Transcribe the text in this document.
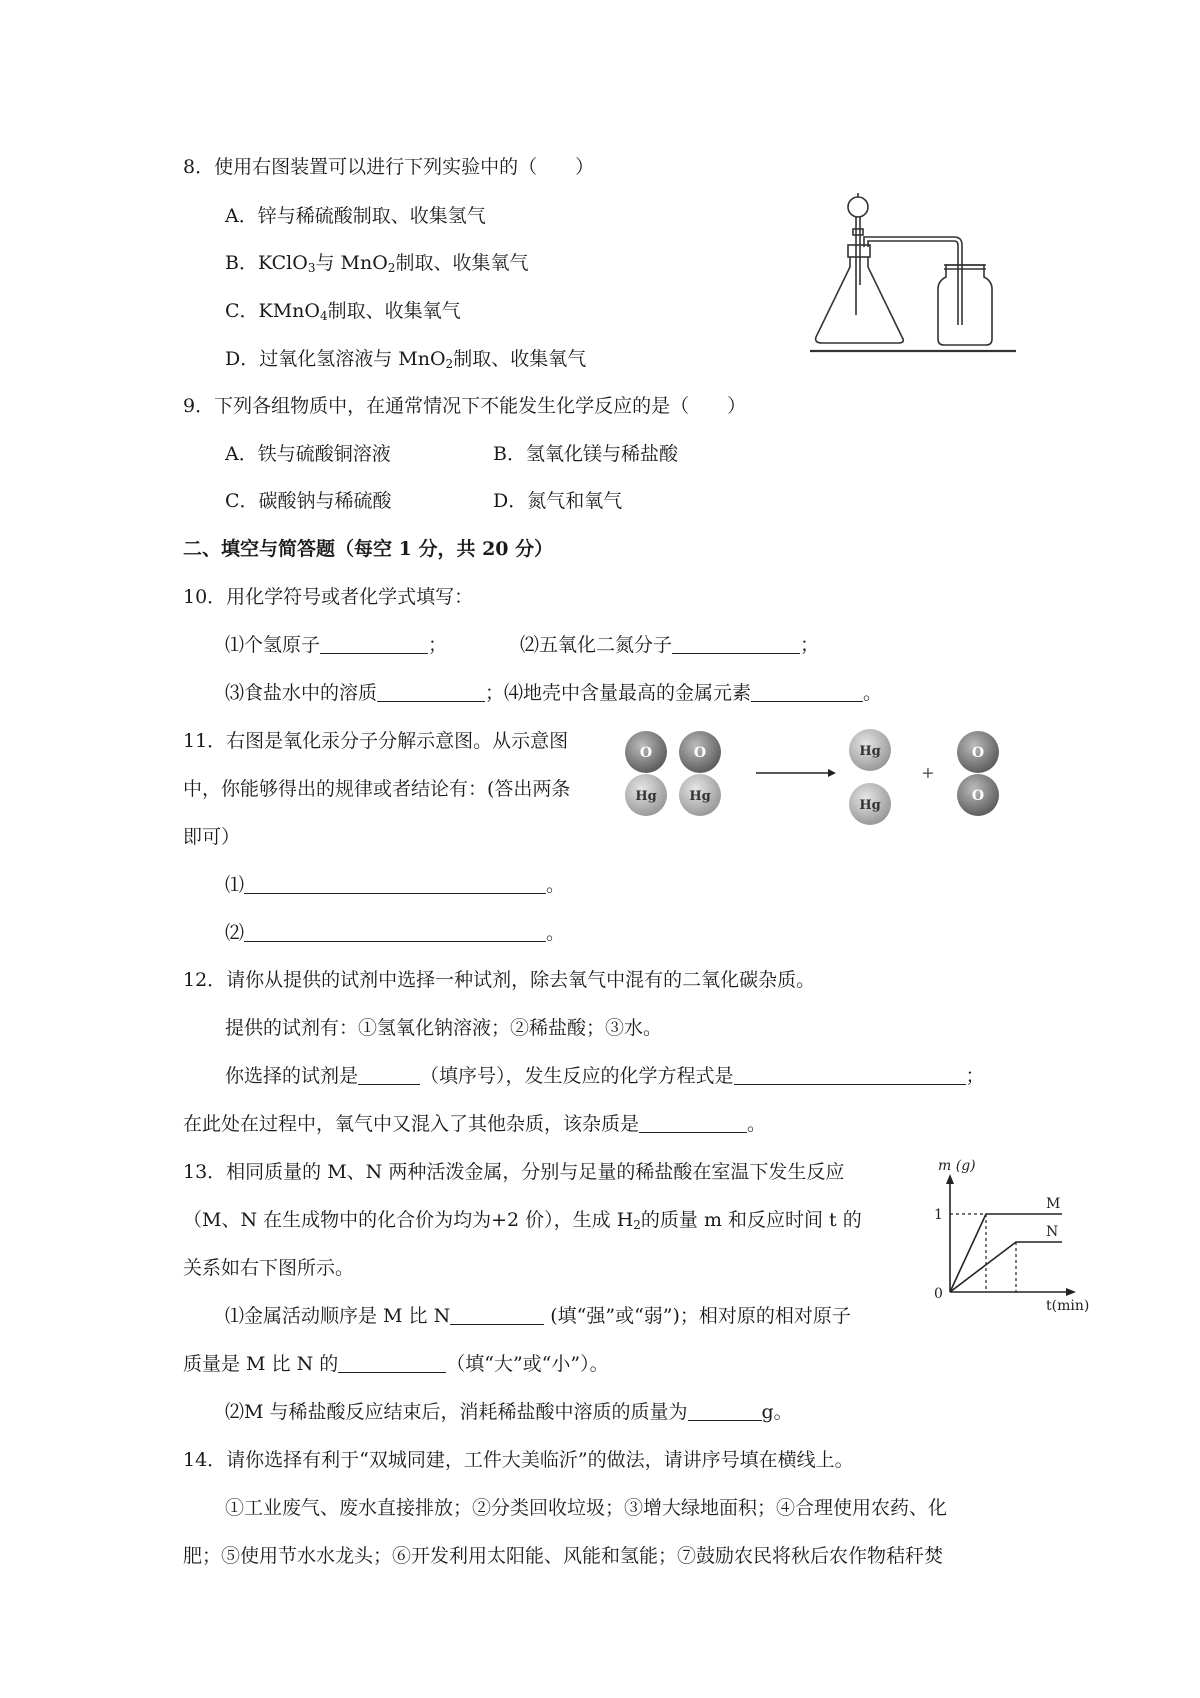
8．使用右图装置可以进行下列实验中的（　　）
A．锌与稀硫酸制取、收集氢气
B．KClO$_3$与 MnO$_2$制取、收集氧气
C．KMnO$_4$制取、收集氧气
D．过氧化氢溶液与 MnO$_2$制取、收集氧气
9．下列各组物质中，在通常情况下不能发生化学反应的是（　　）
A．铁与硫酸铜溶液	B．氢氧化镁与稀盐酸
C．碳酸钠与稀硫酸	D．氮气和氧气
二、填空与简答题（每空 1 分，共 20 分）
10．用化学符号或者化学式填写：
⑴个氢原子	；	⑵五氧化二氮分子	；
⑶食盐水中的溶质	；⑷地壳中含量最高的金属元素	。
11．右图是氧化汞分子分解示意图。从示意图
中，你能够得出的规律或者结论有：(答出两条
即可）
O
Hg
O
Hg
Hg
Hg
+
O
O
⑴	。
⑵	。
12．请你从提供的试剂中选择一种试剂，除去氧气中混有的二氧化碳杂质。
提供的试剂有：①氢氧化钠溶液；②稀盐酸；③水。
你选择的试剂是	（填序号），发生反应的化学方程式是	；
在此处在过程中，氧气中又混入了其他杂质，该杂质是	。
13．相同质量的 M、N 两种活泼金属，分别与足量的稀盐酸在室温下发生反应
（M、N 在生成物中的化合价为均为+2 价），生成 $H_2$的质量 m 和反应时间 t 的
关系如右下图所示。
⑴金属活动顺序是 M 比 N	(填“强”或“弱”)；相对原的相对原子
质量是 M 比 N 的	（填“大”或“小”）。
⑵M 与稀盐酸反应结束后，消耗稀盐酸中溶质的质量为	g。
m (g)
1
0
M
N
t(min)
14．请你选择有利于“双城同建，工件大美临沂”的做法，请讲序号填在横线上。
①工业废气、废水直接排放；②分类回收垃圾；③增大绿地面积；④合理使用农药、化
肥；⑤使用节水水龙头；⑥开发利用太阳能、风能和氢能；⑦鼓励农民将秋后农作物秸秆焚
